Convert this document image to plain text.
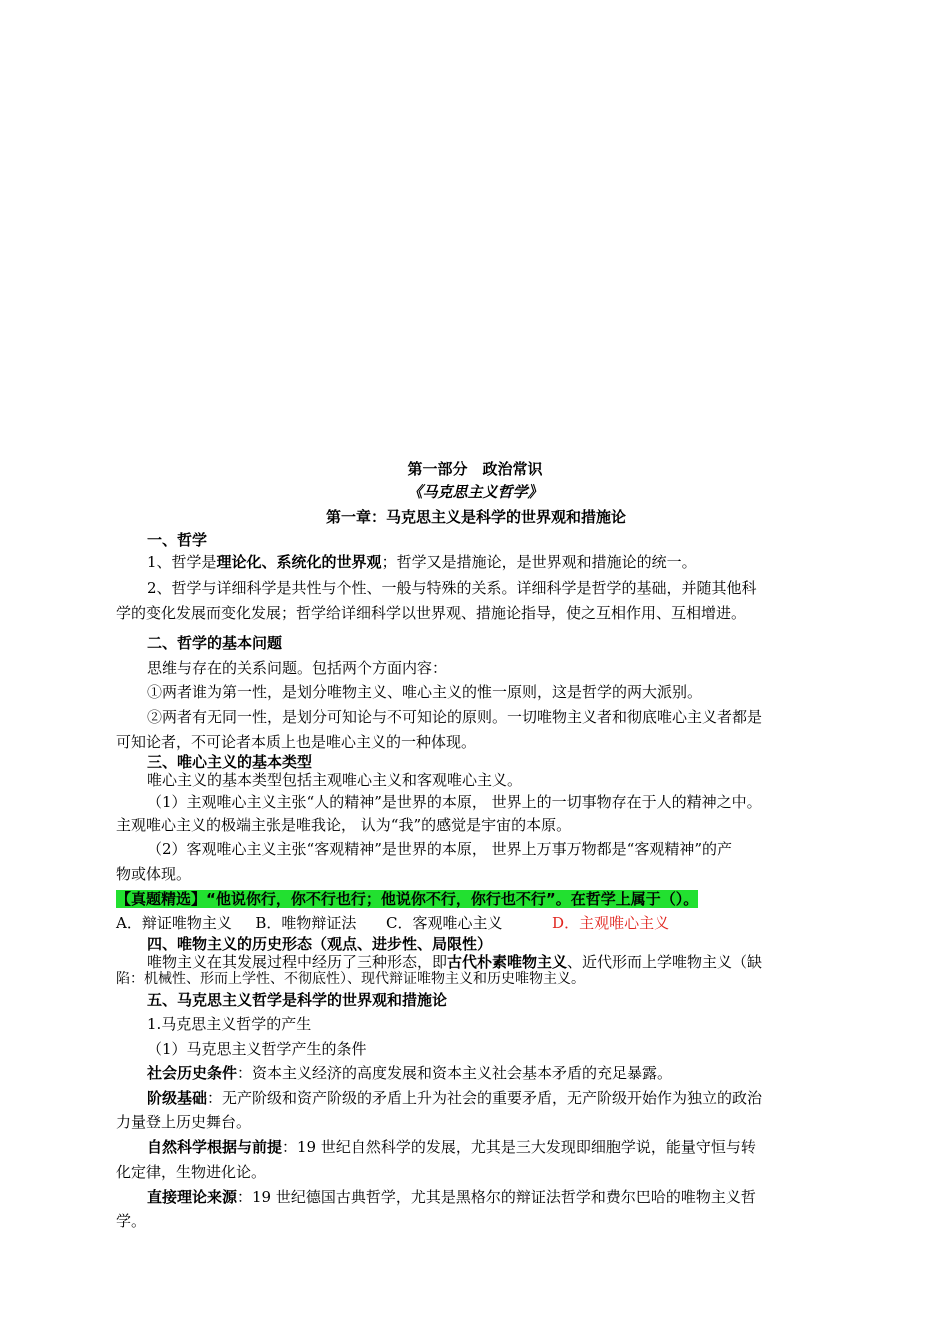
第一部分　政治常识
《马克思主义哲学》
第一章：马克思主义是科学的世界观和措施论
一、哲学
1、哲学是理论化、系统化的世界观；哲学又是措施论，是世界观和措施论的统一。
2、哲学与详细科学是共性与个性、一般与特殊的关系。详细科学是哲学的基础，并随其他科
学的变化发展而变化发展；哲学给详细科学以世界观、措施论指导，使之互相作用、互相增进。
二、哲学的基本问题
思维与存在的关系问题。包括两个方面内容：
①两者谁为第一性，是划分唯物主义、唯心主义的惟一原则，这是哲学的两大派别。
②两者有无同一性，是划分可知论与不可知论的原则。一切唯物主义者和彻底唯心主义者都是
可知论者，不可论者本质上也是唯心主义的一种体现。
三、唯心主义的基本类型
唯心主义的基本类型包括主观唯心主义和客观唯心主义。
（1）主观唯心主义主张“人的精神”是世界的本原， 世界上的一切事物存在于人的精神之中。
主观唯心主义的极端主张是唯我论， 认为“我”的感觉是宇宙的本原。
（2）客观唯心主义主张“客观精神”是世界的本原， 世界上万事万物都是“客观精神”的产
物或体现。
【真题精选】“他说你行，你不行也行；他说你不行，你行也不行”。在哲学上属于（）。
A．辩证唯物主义 B．唯物辩证法 C．客观唯心主义	D．主观唯心主义
四、唯物主义的历史形态（观点、进步性、局限性）
唯物主义在其发展过程中经历了三种形态，即古代朴素唯物主义、近代形而上学唯物主义（缺
陷：机械性、形而上学性、不彻底性）、现代辩证唯物主义和历史唯物主义。
五、马克思主义哲学是科学的世界观和措施论
1.马克思主义哲学的产生
（1）马克思主义哲学产生的条件
社会历史条件：资本主义经济的高度发展和资本主义社会基本矛盾的充足暴露。
阶级基础：无产阶级和资产阶级的矛盾上升为社会的重要矛盾，无产阶级开始作为独立的政治
力量登上历史舞台。
自然科学根据与前提：19 世纪自然科学的发展，尤其是三大发现即细胞学说，能量守恒与转
化定律，生物进化论。
直接理论来源：19 世纪德国古典哲学，尤其是黑格尔的辩证法哲学和费尔巴哈的唯物主义哲
学。
